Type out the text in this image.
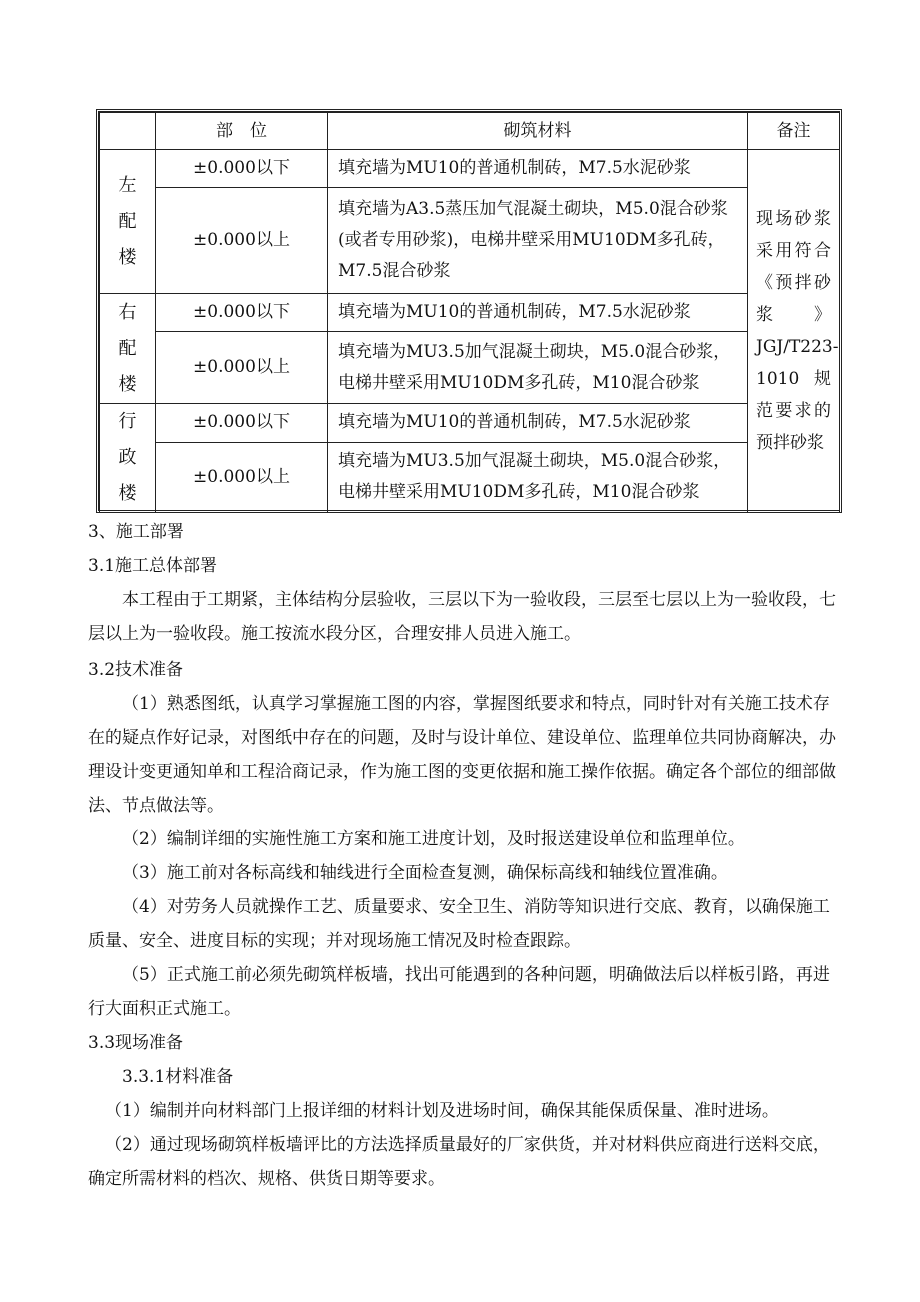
	部　位	砌筑材料	备注

左
配
楼	±0.000以下	填充墙为MU10的普通机制砖，M7.5水泥砂浆	现场砂浆采用符合《预拌砂浆》JGJ/T223-1010规范要求的预拌砂浆
	±0.000以上	填充墙为A3.5蒸压加气混凝土砌块，M5.0混合砂浆(或者专用砂浆)，电梯井壁采用MU10DM多孔砖，M7.5混合砂浆	

右
配
楼	±0.000以下	填充墙为MU10的普通机制砖，M7.5水泥砂浆	
	±0.000以上	填充墙为MU3.5加气混凝土砌块，M5.0混合砂浆，电梯井壁采用MU10DM多孔砖，M10混合砂浆	

行
政
楼	±0.000以下	填充墙为MU10的普通机制砖，M7.5水泥砂浆	
	±0.000以上	填充墙为MU3.5加气混凝土砌块，M5.0混合砂浆，电梯井壁采用MU10DM多孔砖，M10混合砂浆	

3、施工部署

3.1施工总体部署

本工程由于工期紧，主体结构分层验收，三层以下为一验收段，三层至七层以上为一验收段，七层以上为一验收段。施工按流水段分区，合理安排人员进入施工。

3.2技术准备

（1）熟悉图纸，认真学习掌握施工图的内容，掌握图纸要求和特点，同时针对有关施工技术存在的疑点作好记录，对图纸中存在的问题，及时与设计单位、建设单位、监理单位共同协商解决，办理设计变更通知单和工程洽商记录，作为施工图的变更依据和施工操作依据。确定各个部位的细部做法、节点做法等。

（2）编制详细的实施性施工方案和施工进度计划，及时报送建设单位和监理单位。

（3）施工前对各标高线和轴线进行全面检查复测，确保标高线和轴线位置准确。

（4）对劳务人员就操作工艺、质量要求、安全卫生、消防等知识进行交底、教育，以确保施工质量、安全、进度目标的实现；并对现场施工情况及时检查跟踪。

（5）正式施工前必须先砌筑样板墙，找出可能遇到的各种问题，明确做法后以样板引路，再进行大面积正式施工。

3.3现场准备

3.3.1材料准备

（1）编制并向材料部门上报详细的材料计划及进场时间，确保其能保质保量、准时进场。

（2）通过现场砌筑样板墙评比的方法选择质量最好的厂家供货，并对材料供应商进行送料交底，确定所需材料的档次、规格、供货日期等要求。
